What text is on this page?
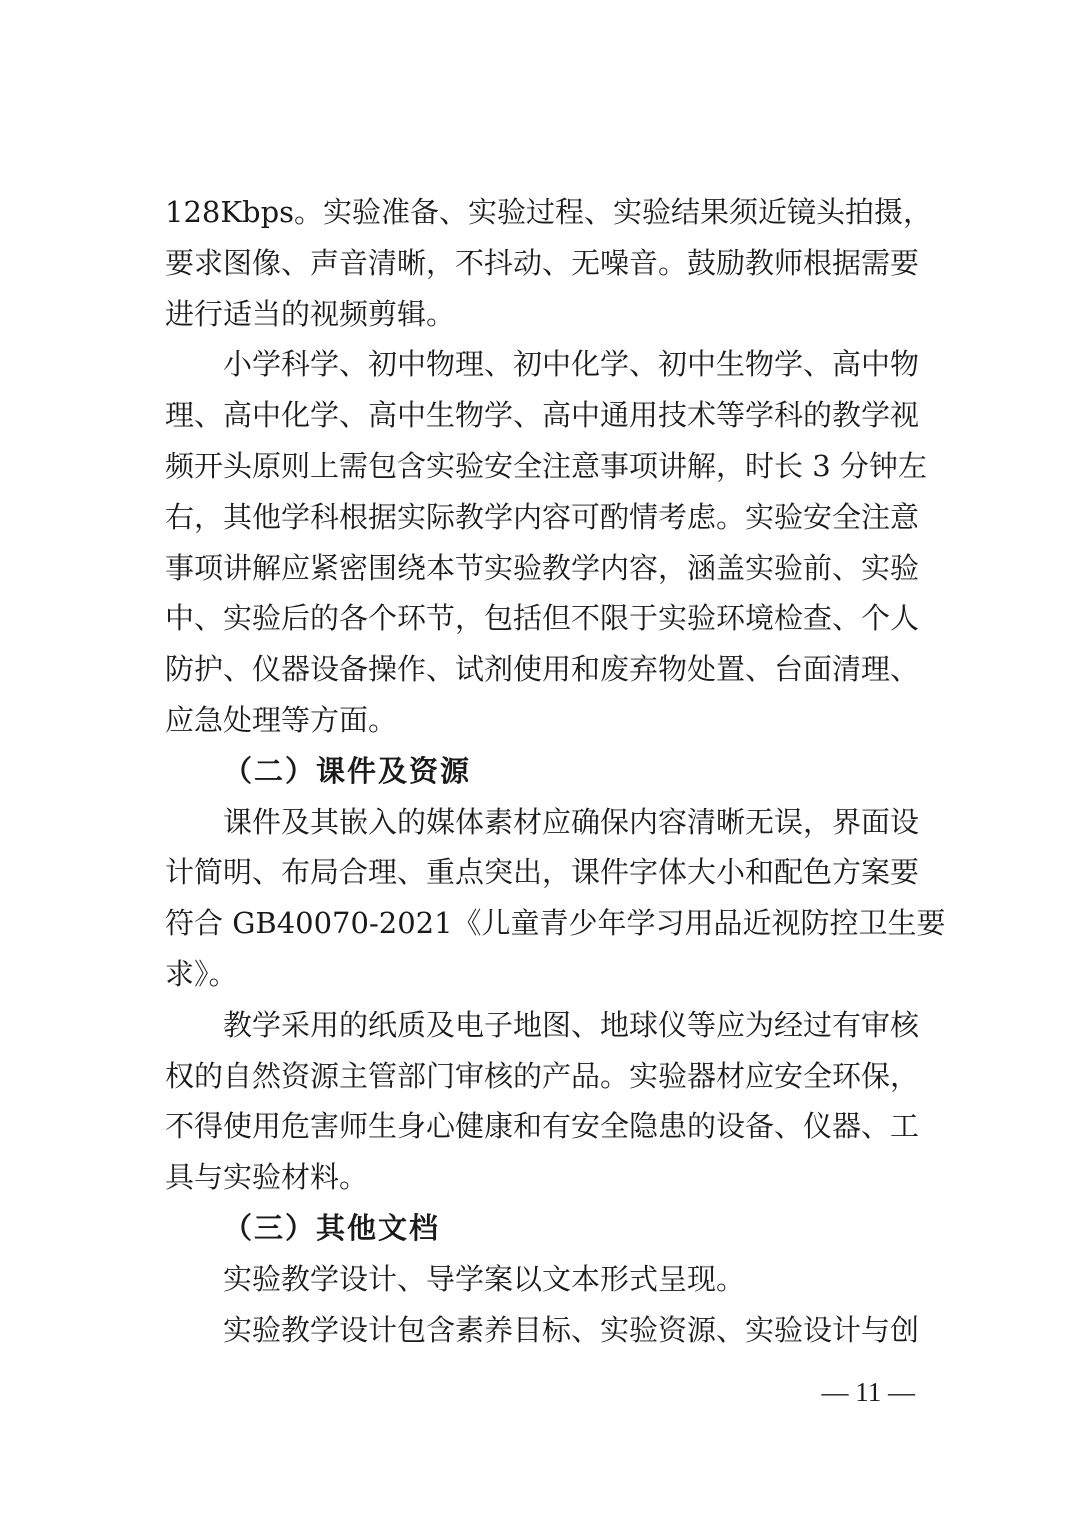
128Kbps。实验准备、实验过程、实验结果须近镜头拍摄，
要求图像、声音清晰，不抖动、无噪音。鼓励教师根据需要
进行适当的视频剪辑。
小学科学、初中物理、初中化学、初中生物学、高中物
理、高中化学、高中生物学、高中通用技术等学科的教学视
频开头原则上需包含实验安全注意事项讲解，时长 3 分钟左
右，其他学科根据实际教学内容可酌情考虑。实验安全注意
事项讲解应紧密围绕本节实验教学内容，涵盖实验前、实验
中、实验后的各个环节，包括但不限于实验环境检查、个人
防护、仪器设备操作、试剂使用和废弃物处置、台面清理、
应急处理等方面。
（二）课件及资源
课件及其嵌入的媒体素材应确保内容清晰无误，界面设
计简明、布局合理、重点突出，课件字体大小和配色方案要
符合 GB40070-2021《儿童青少年学习用品近视防控卫生要
求》。
教学采用的纸质及电子地图、地球仪等应为经过有审核
权的自然资源主管部门审核的产品。实验器材应安全环保，
不得使用危害师生身心健康和有安全隐患的设备、仪器、工
具与实验材料。
（三）其他文档
实验教学设计、导学案以文本形式呈现。
实验教学设计包含素养目标、实验资源、实验设计与创
— 11 —
